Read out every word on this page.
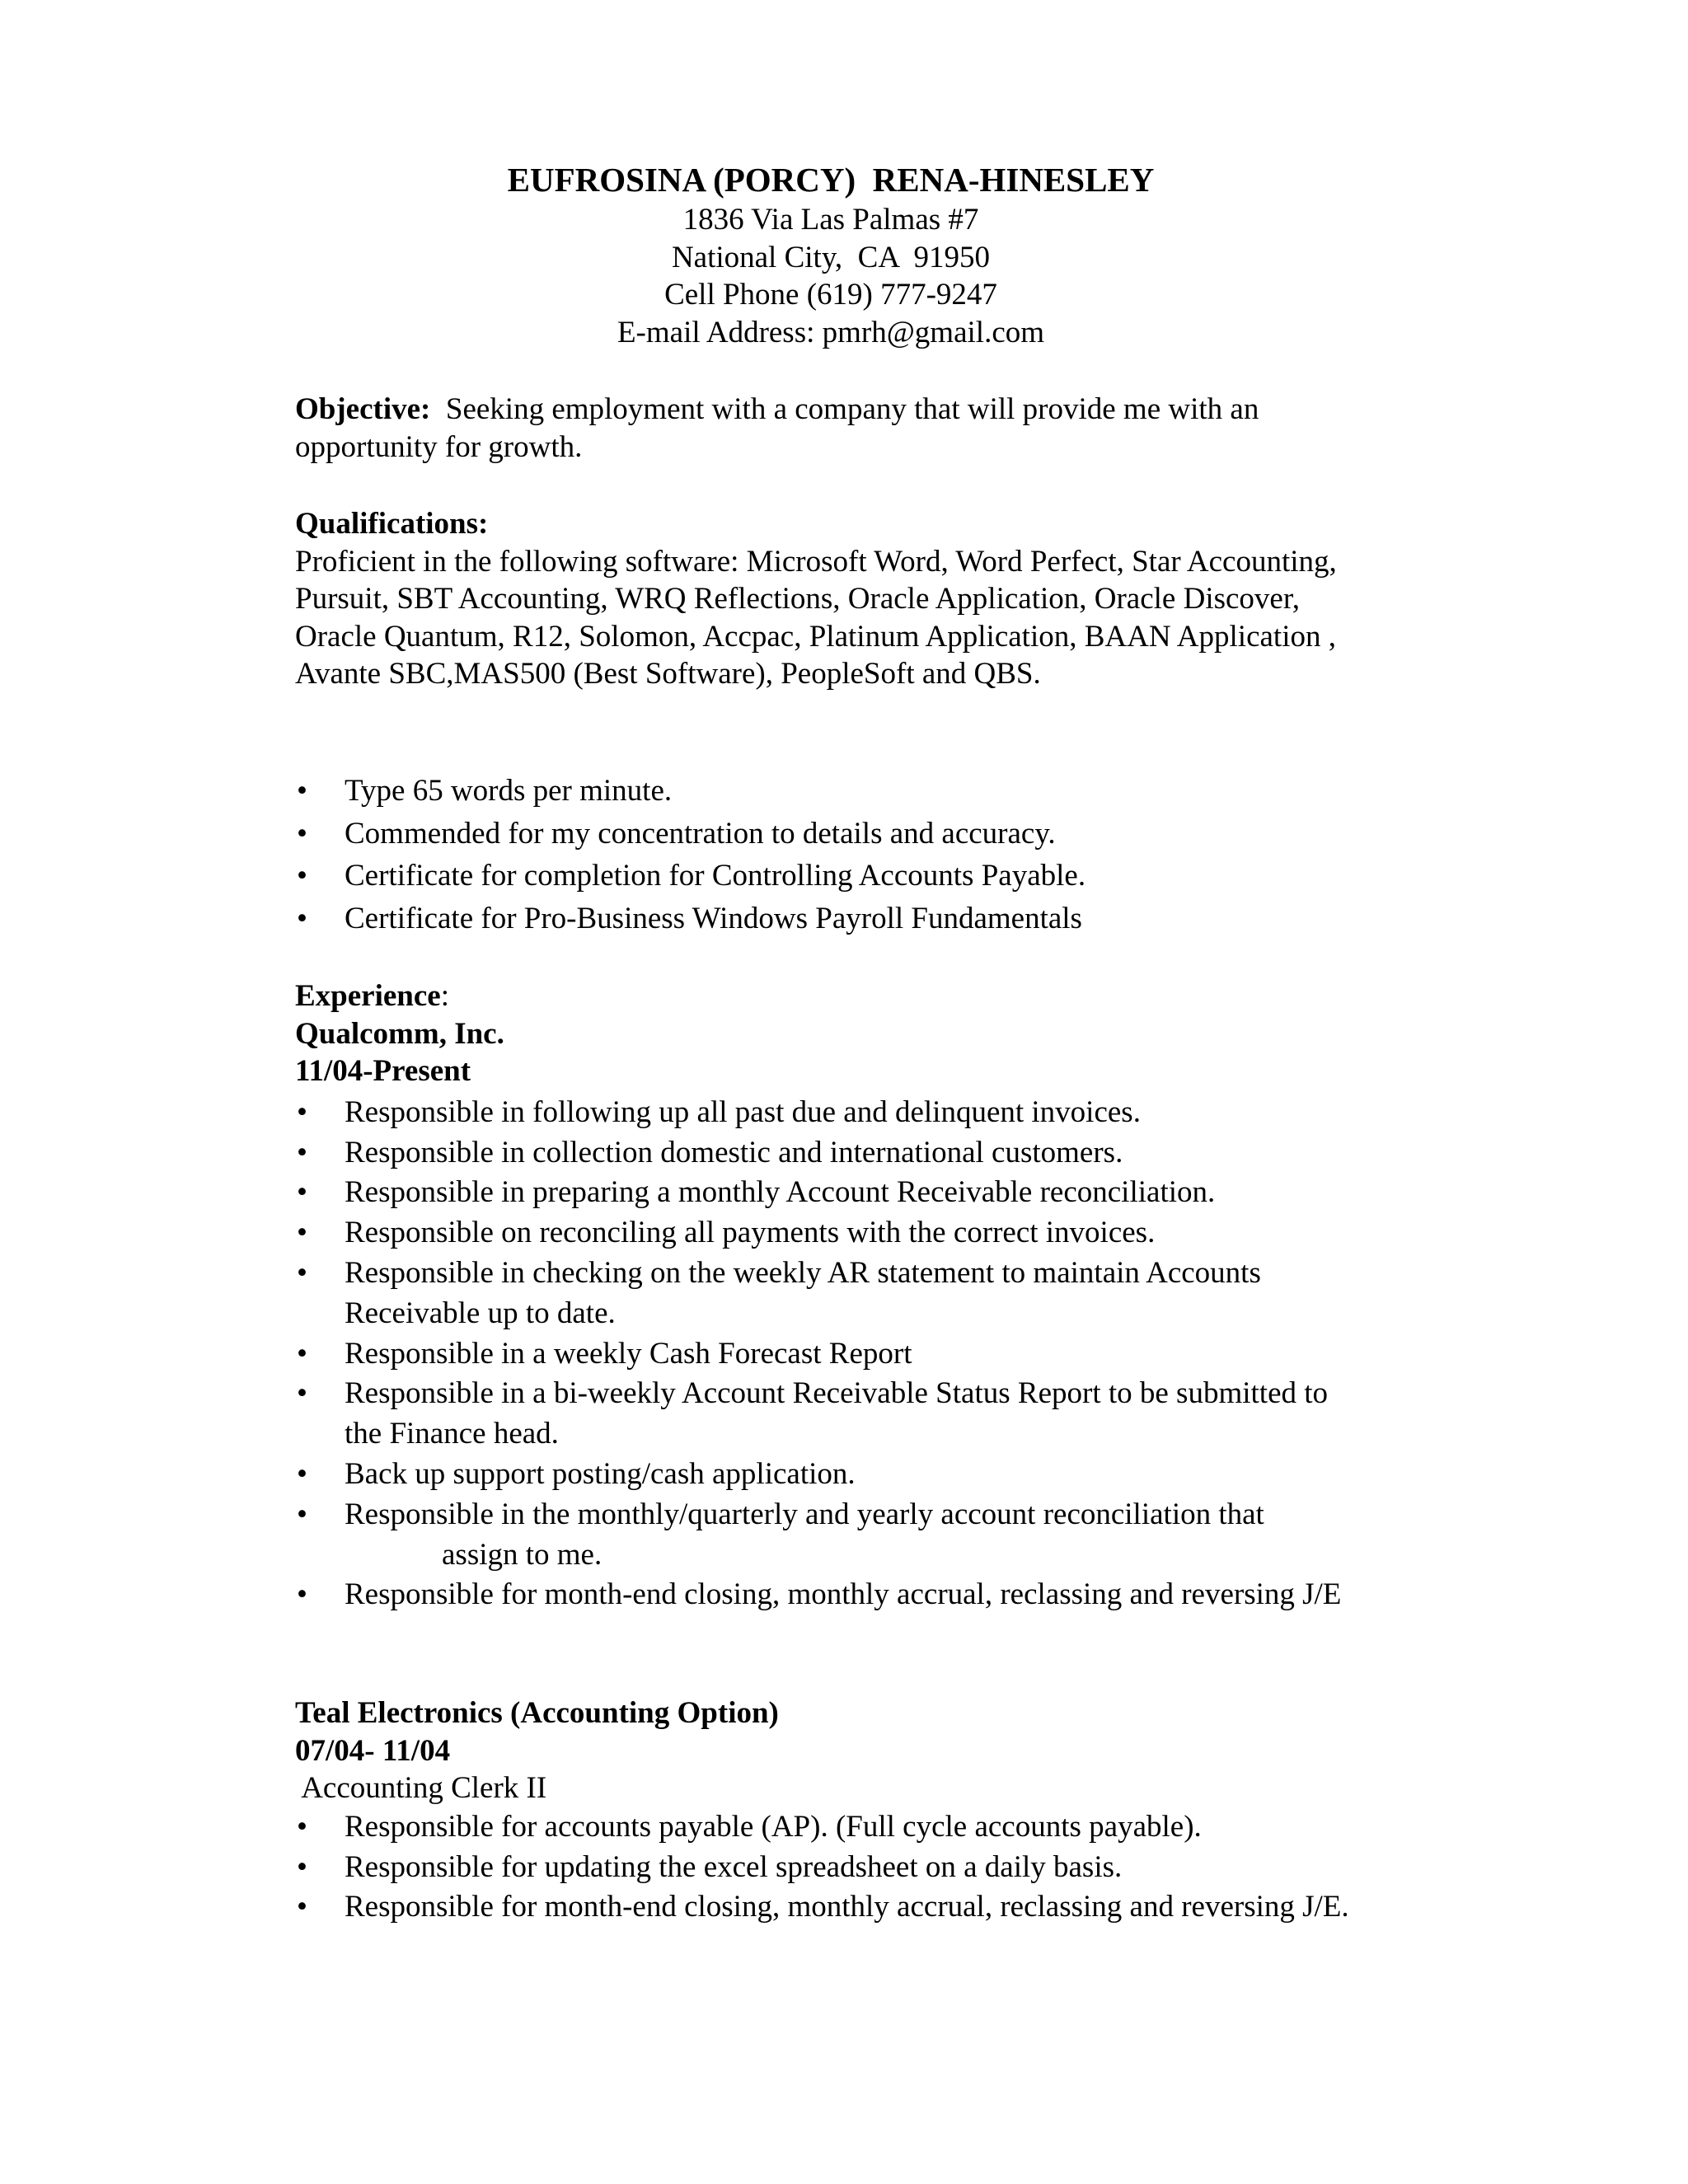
EUFROSINA (PORCY)  RENA-HINESLEY
1836 Via Las Palmas #7
National City,  CA  91950
Cell Phone (619) 777-9247
E-mail Address: pmrh@gmail.com
Objective:  Seeking employment with a company that will provide me with an opportunity for growth.
Qualifications:
Proficient in the following software: Microsoft Word, Word Perfect, Star Accounting, Pursuit, SBT Accounting, WRQ Reflections, Oracle Application, Oracle Discover, Oracle Quantum, R12, Solomon, Accpac, Platinum Application, BAAN Application , Avante SBC,MAS500 (Best Software), PeopleSoft and QBS.
• Type 65 words per minute.
• Commended for my concentration to details and accuracy.
• Certificate for completion for Controlling Accounts Payable.
• Certificate for Pro-Business Windows Payroll Fundamentals
Experience:
Qualcomm, Inc.
11/04-Present
• Responsible in following up all past due and delinquent invoices.
• Responsible in collection domestic and international customers.
• Responsible in preparing a monthly Account Receivable reconciliation.
• Responsible on reconciling all payments with the correct invoices.
• Responsible in checking on the weekly AR statement to maintain Accounts Receivable up to date.
• Responsible in a weekly Cash Forecast Report
• Responsible in a bi-weekly Account Receivable Status Report to be submitted to the Finance head.
• Back up support posting/cash application.
• Responsible in the monthly/quarterly and yearly account reconciliation that
assign to me.
• Responsible for month-end closing, monthly accrual, reclassing and reversing J/E
Teal Electronics (Accounting Option)
07/04- 11/04
Accounting Clerk II
• Responsible for accounts payable (AP). (Full cycle accounts payable).
• Responsible for updating the excel spreadsheet on a daily basis.
• Responsible for month-end closing, monthly accrual, reclassing and reversing J/E.
